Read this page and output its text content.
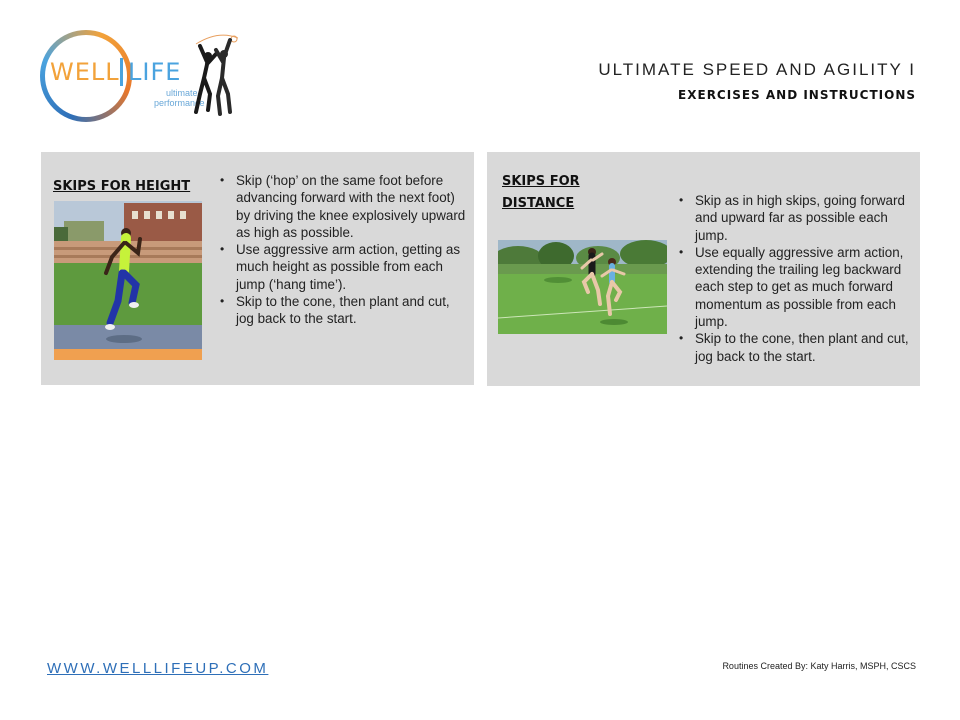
WELL LIFE
ultimate
performance
ULTIMATE SPEED AND AGILITY I
EXERCISES AND INSTRUCTIONS
SKIPS FOR HEIGHT	• Skip (‘hop’ on the same foot before advancing forward with the next foot) by driving the knee explosively upward as high as possible.
• Use aggressive arm action, getting as much height as possible from each jump (‘hang time’).
• Skip to the cone, then plant and cut, jog back to the start.
SKIPS FOR DISTANCE	• Skip as in high skips, going forward and upward far as possible each jump.
• Use equally aggressive arm action, extending the trailing leg backward each step to get as much forward momentum as possible from each jump.
• Skip to the cone, then plant and cut, jog back to the start.
WWW.WELLLIFEUP.COM	Routines Created By: Katy Harris, MSPH, CSCS
